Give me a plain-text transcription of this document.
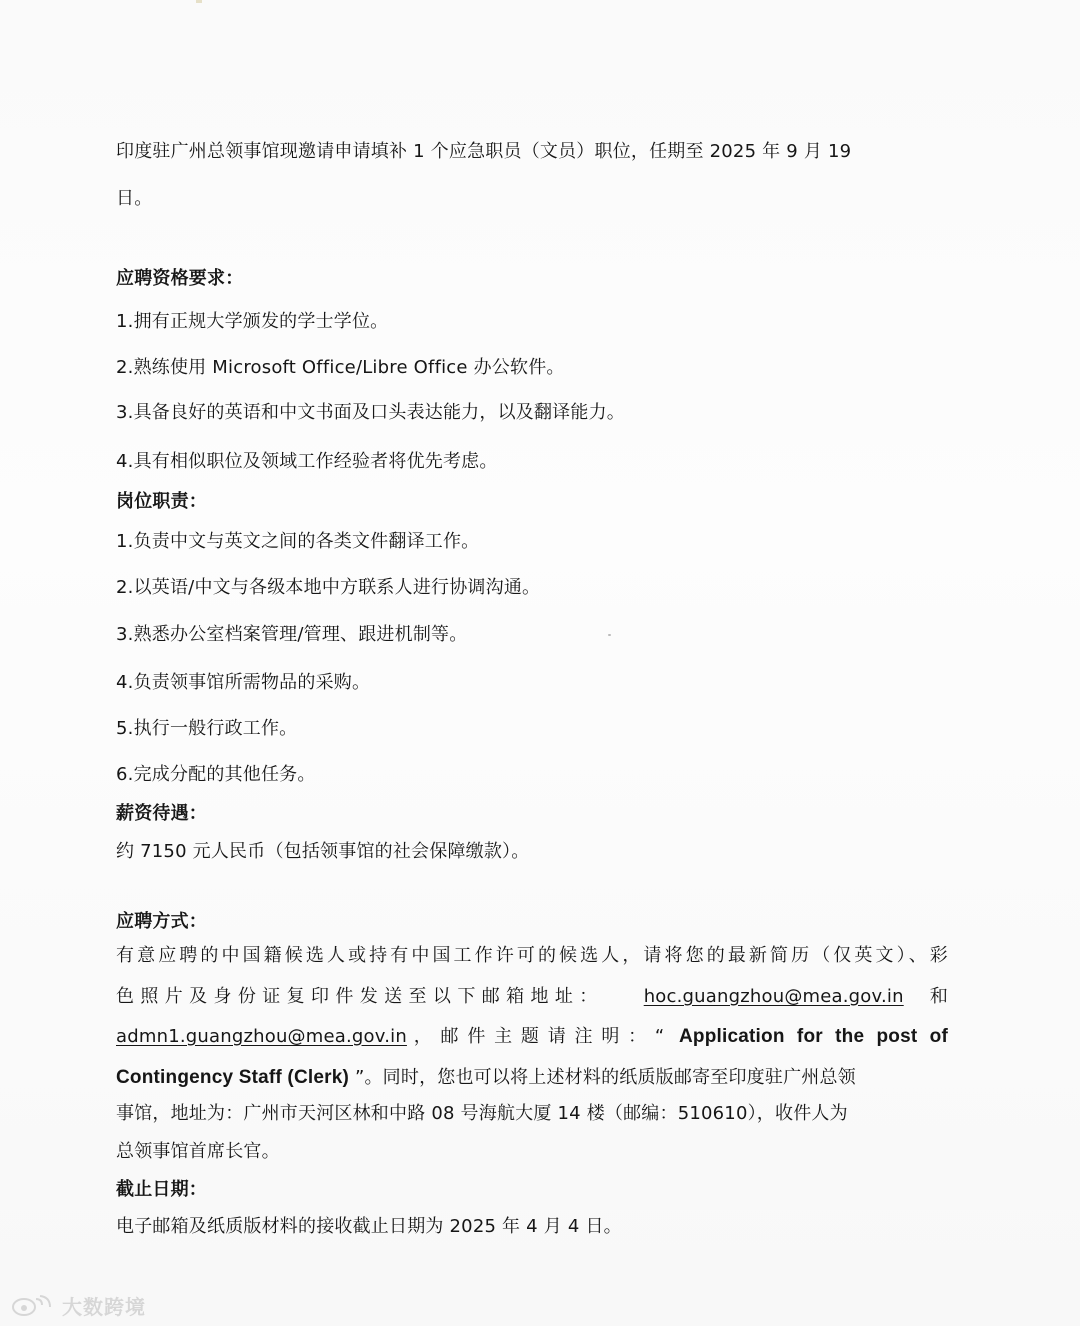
印度驻广州总领事馆现邀请申请填补 1 个应急职员（文员）职位，任期至 2025 年 9 月 19
日。
应聘资格要求：
1.拥有正规大学颁发的学士学位。
2.熟练使用 Microsoft Office/Libre Office 办公软件。
3.具备良好的英语和中文书面及口头表达能力，以及翻译能力。
4.具有相似职位及领域工作经验者将优先考虑。
岗位职责：
1.负责中文与英文之间的各类文件翻译工作。
2.以英语/中文与各级本地中方联系人进行协调沟通。
3.熟悉办公室档案管理/管理、跟进机制等。
4.负责领事馆所需物品的采购。
5.执行一般行政工作。
6.完成分配的其他任务。
薪资待遇：
约 7150 元人民币（包括领事馆的社会保障缴款）。
应聘方式：
有意应聘的中国籍候选人或持有中国工作许可的候选人，请将您的最新简历（仅英文）、彩
色照片及身份证复印件发送至以下邮箱地址： hoc.guangzhou@mea.gov.in 和
admn1.guangzhou@mea.gov.in，邮件主题请注明：“ Application for the post of
Contingency Staff (Clerk) ”。同时，您也可以将上述材料的纸质版邮寄至印度驻广州总领
事馆，地址为：广州市天河区林和中路 08 号海航大厦 14 楼（邮编：510610），收件人为
总领事馆首席长官。
截止日期：
电子邮箱及纸质版材料的接收截止日期为 2025 年 4 月 4 日。
大数跨境
